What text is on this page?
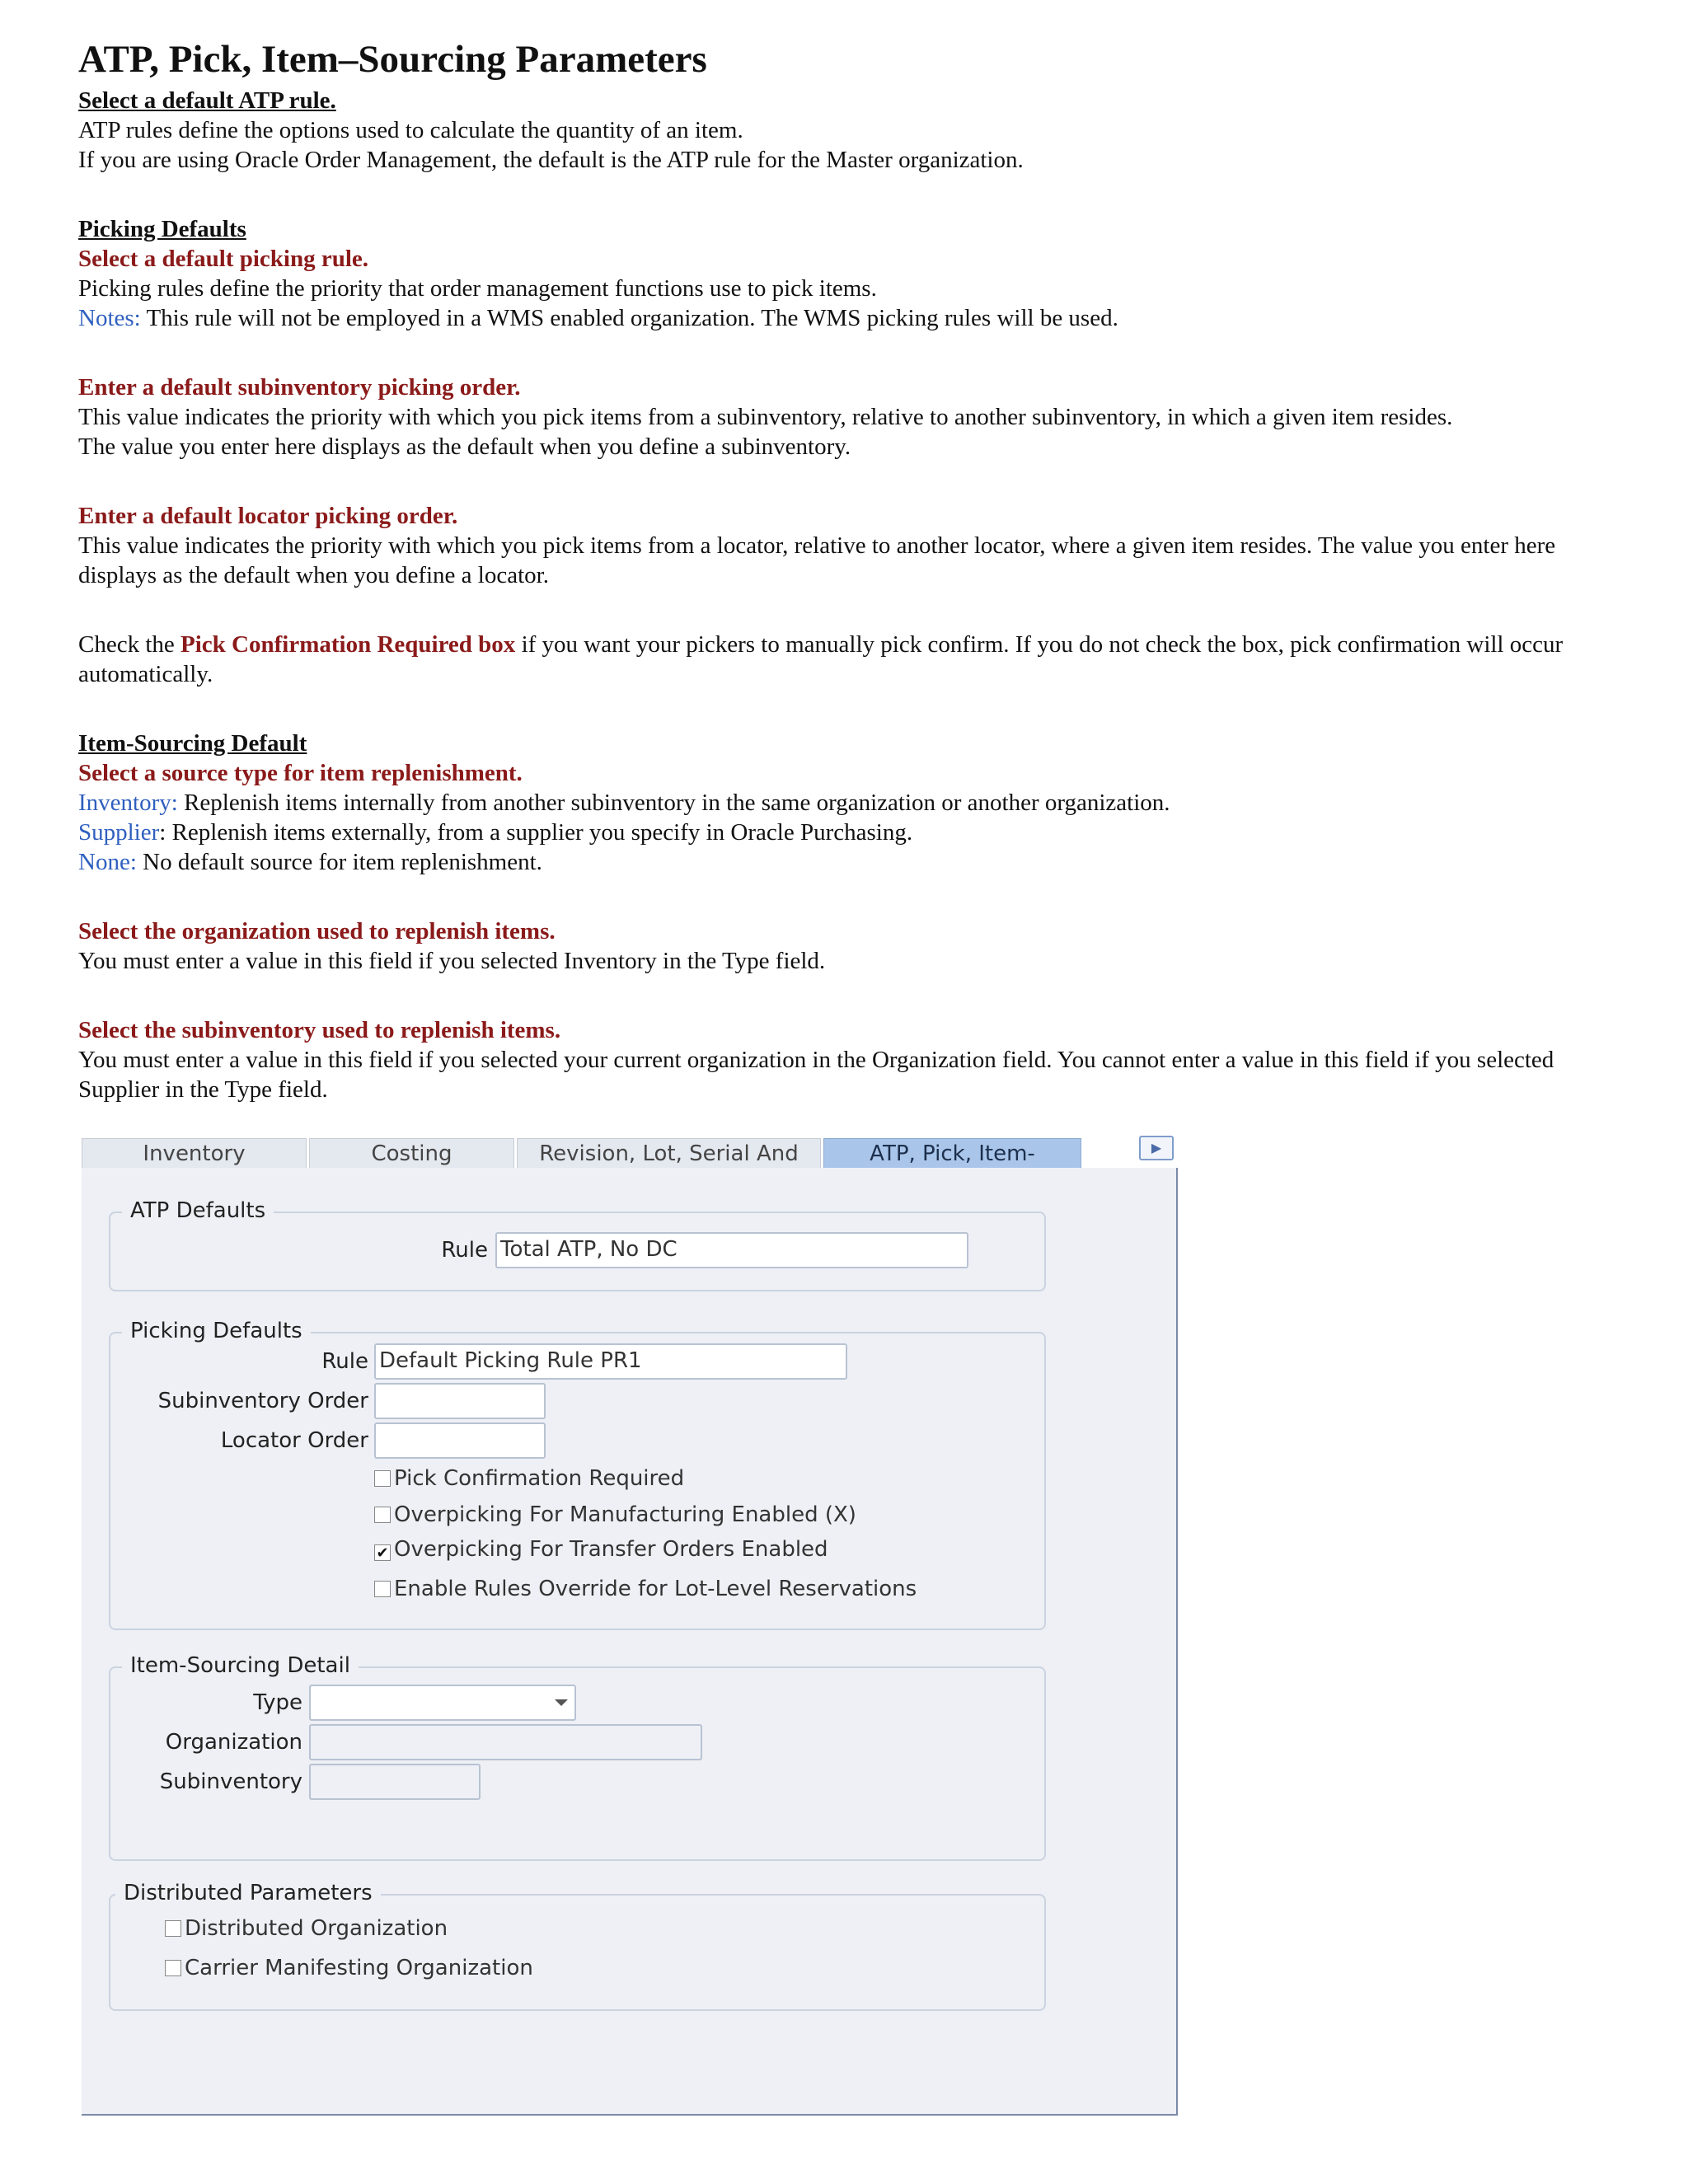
ATP, Pick, Item–Sourcing Parameters
Select a default ATP rule.
ATP rules define the options used to calculate the quantity of an item.
If you are using Oracle Order Management, the default is the ATP rule for the Master organization.
Picking Defaults
Select a default picking rule.
Picking rules define the priority that order management functions use to pick items.
Notes: This rule will not be employed in a WMS enabled organization. The WMS picking rules will be used.
Enter a default subinventory picking order.
This value indicates the priority with which you pick items from a subinventory, relative to another subinventory, in which a given item resides.
The value you enter here displays as the default when you define a subinventory.
Enter a default locator picking order.
This value indicates the priority with which you pick items from a locator, relative to another locator, where a given item resides. The value you enter here
displays as the default when you define a locator.
Check the Pick Confirmation Required box if you want your pickers to manually pick confirm. If you do not check the box, pick confirmation will occur
automatically.
Item-Sourcing Default
Select a source type for item replenishment.
Inventory: Replenish items internally from another subinventory in the same organization or another organization.
Supplier: Replenish items externally, from a supplier you specify in Oracle Purchasing.
None: No default source for item replenishment.
Select the organization used to replenish items.
You must enter a value in this field if you selected Inventory in the Type field.
Select the subinventory used to replenish items.
You must enter a value in this field if you selected your current organization in the Organization field. You cannot enter a value in this field if you selected
Supplier in the Type field.
Inventory	Costing	Revision, Lot, Serial And	ATP, Pick, Item-	▶
ATP Defaults
Rule Total ATP, No DC
Picking Defaults
Rule Default Picking Rule PR1
Subinventory Order
Locator Order
Pick Confirmation Required
Overpicking For Manufacturing Enabled (X)
✔ Overpicking For Transfer Orders Enabled
Enable Rules Override for Lot-Level Reservations
Item-Sourcing Detail
Type
Organization
Subinventory
Distributed Parameters
Distributed Organization
Carrier Manifesting Organization
